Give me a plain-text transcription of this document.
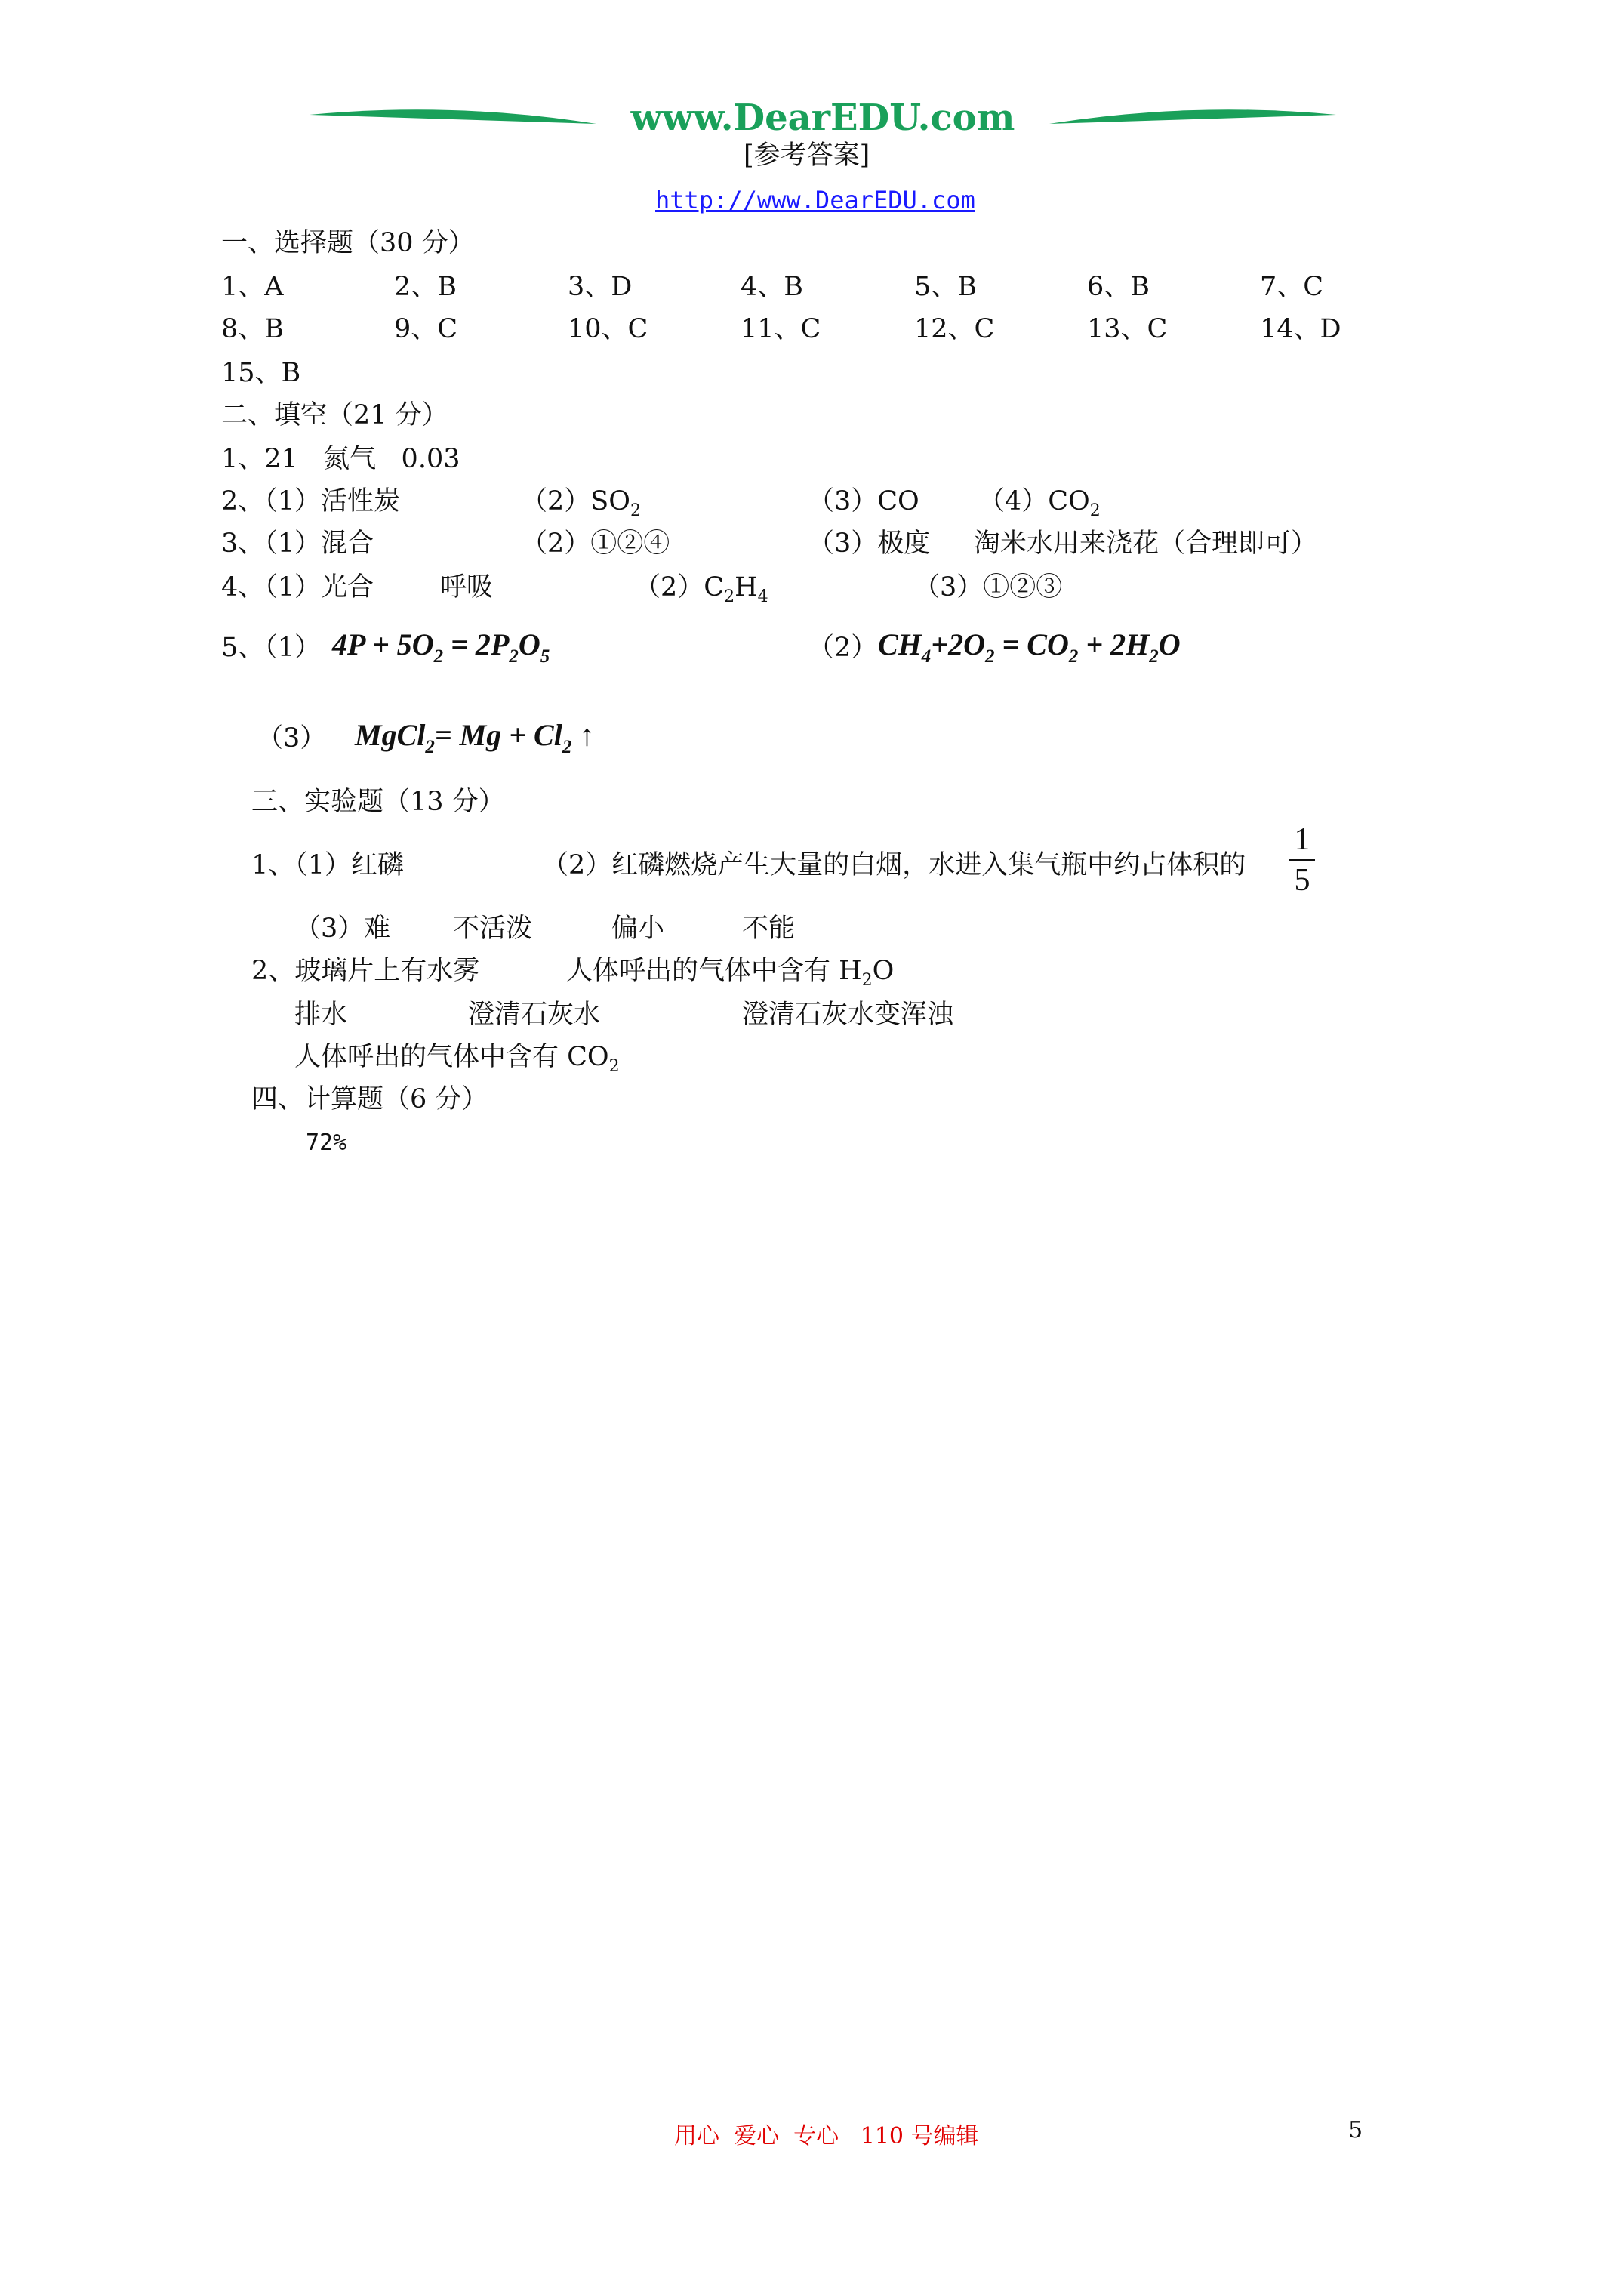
www.DearEDU.com
[参考答案]
http://www.DearEDU.com
一、选择题（30 分）
1、A	2、B	3、D	4、B	5、B	6、B	7、C
8、B	9、C	10、C	11、C	12、C	13、C	14、D
15、B
二、填空（21 分）
1、21   氮气   0.03
2、（1）活性炭	$(2)SO_2$	（3）CO $(4)CO_2$
3、（1）混合	（2）①②④	（3）极度 淘米水用来浇花（合理即可）
4、（1）光合	呼吸	$(2)C_2H_4$	（3）①②③
5、（1） $4P + 5O_2 = 2P_2O_5$	（2） $CH_4+2O_2 = CO_2 + 2H_2O$
（3） MgCl$_2$= $Mg + Cl_2$ ↑
三、实验题（13 分）
1、（1）红磷	（2）红磷燃烧产生大量的白烟，水进入集气瓶中约占体积的
1
5
（3）难 不活泼	偏小	不能
2、玻璃片上有水雾	人体呼出的气体中含有 $H_2O$
排水	澄清石灰水	澄清石灰水变浑浊
人体呼出的气体中含有 $CO_2$
四、计算题（6 分）
72%
用心  爱心  专心   110 号编辑	5
